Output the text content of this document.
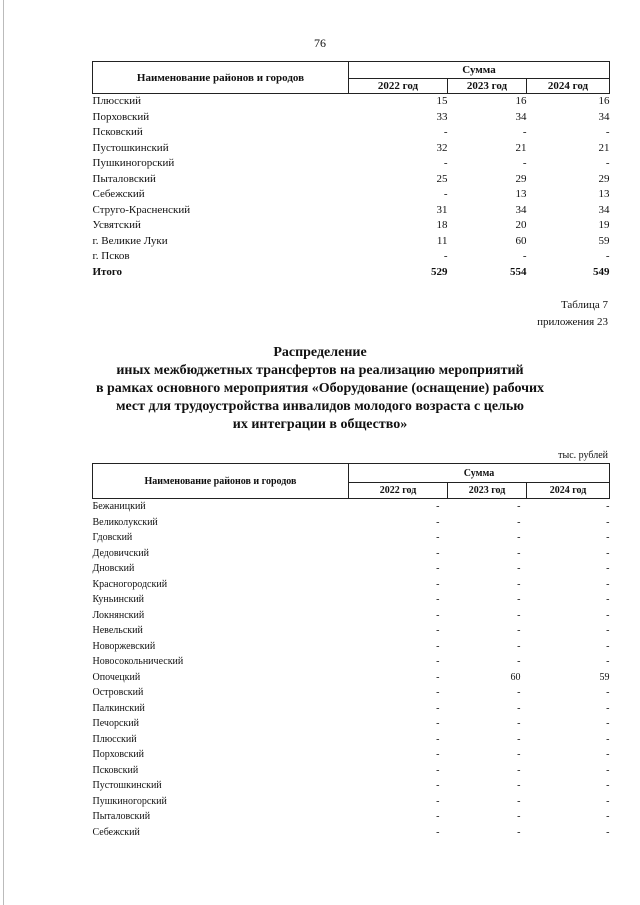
76
Наименование районов и городов	Сумма		
	2022 год	2023 год	2024 год
Плюсский	15	16	16
Порховский	33	34	34
Псковский	-	-	-
Пустошкинский	32	21	21
Пушкиногорский	-	-	-
Пыталовский	25	29	29
Себежский	-	13	13
Струго-Красненский	31	34	34
Усвятский	18	20	19
г. Великие Луки	11	60	59
г. Псков	-	-	-
Итого	529	554	549
Таблица 7
приложения 23
Распределение
иных межбюджетных трансфертов на реализацию мероприятий
в рамках основного мероприятия «Оборудование (оснащение) рабочих
мест для трудоустройства инвалидов молодого возраста с целью
их интеграции в общество»
тыс. рублей
Наименование районов и городов	Сумма		
	2022 год	2023 год	2024 год
Бежаницкий	-	-	-
Великолукский	-	-	-
Гдовский	-	-	-
Дедовичский	-	-	-
Дновский	-	-	-
Красногородский	-	-	-
Куньинский	-	-	-
Локнянский	-	-	-
Невельский	-	-	-
Новоржевский	-	-	-
Новосокольнический	-	-	-
Опочецкий	-	60	59
Островский	-	-	-
Палкинский	-	-	-
Печорский	-	-	-
Плюсский	-	-	-
Порховский	-	-	-
Псковский	-	-	-
Пустошкинский	-	-	-
Пушкиногорский	-	-	-
Пыталовский	-	-	-
Себежский	-	-	-
